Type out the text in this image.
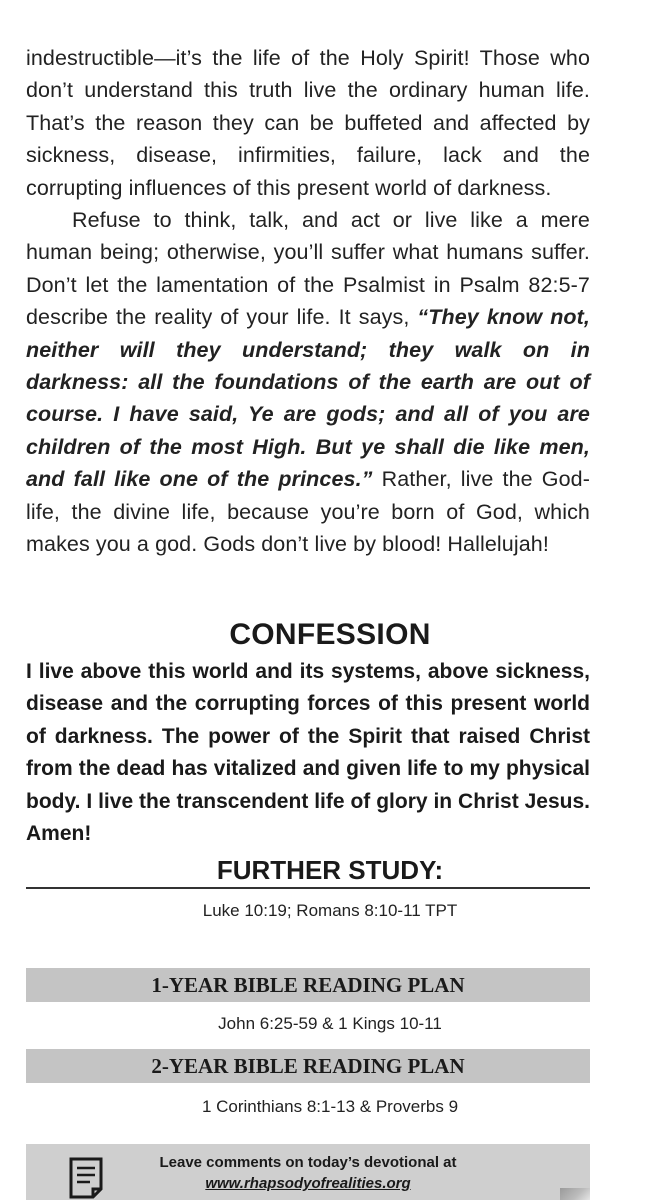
indestructible—it’s the life of the Holy Spirit! Those who don’t understand this truth live the ordinary human life. That’s the reason they can be buffeted and affected by sickness, disease, infirmities, failure, lack and the corrupting influences of this present world of darkness.

Refuse to think, talk, and act or live like a mere human being; otherwise, you’ll suffer what humans suffer. Don’t let the lamentation of the Psalmist in Psalm 82:5-7 describe the reality of your life. It says, “They know not, neither will they understand; they walk on in darkness: all the foundations of the earth are out of course. I have said, Ye are gods; and all of you are children of the most High. But ye shall die like men, and fall like one of the princes.” Rather, live the God-life, the divine life, because you’re born of God, which makes you a god. Gods don’t live by blood! Hallelujah!

CONFESSION
I live above this world and its systems, above sickness, disease and the corrupting forces of this present world of darkness. The power of the Spirit that raised Christ from the dead has vitalized and given life to my physical body. I live the transcendent life of glory in Christ Jesus. Amen!
FURTHER STUDY:
Luke 10:19; Romans 8:10-11 TPT
1-YEAR BIBLE READING PLAN
John 6:25-59 & 1 Kings 10-11
2-YEAR BIBLE READING PLAN
1 Corinthians 8:1-13 & Proverbs 9
Leave comments on today’s devotional at
www.rhapsodyofrealities.org
